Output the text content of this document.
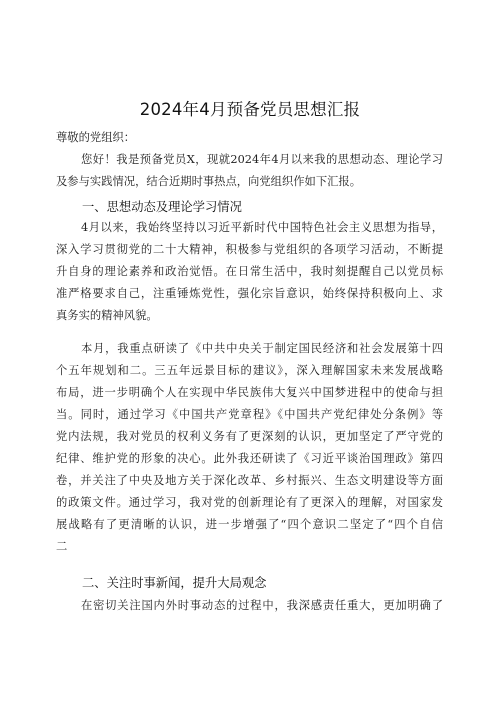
2024年4月预备党员思想汇报
尊敬的党组织：
您好！我是预备党员X，现就2024年4月以来我的思想动态、理论学习
及参与实践情况，结合近期时事热点，向党组织作如下汇报。
一、思想动态及理论学习情况
4月以来，我始终坚持以习近平新时代中国特色社会主义思想为指导，
深入学习贯彻党的二十大精神，积极参与党组织的各项学习活动，不断提
升自身的理论素养和政治觉悟。在日常生活中，我时刻提醒自己以党员标
准严格要求自己，注重锤炼党性，强化宗旨意识，始终保持积极向上、求
真务实的精神风貌。
本月，我重点研读了《中共中央关于制定国民经济和社会发展第十四
个五年规划和二。三五年远景目标的建议》，深入理解国家未来发展战略
布局，进一步明确个人在实现中华民族伟大复兴中国梦进程中的使命与担
当。同时，通过学习《中国共产党章程》《中国共产党纪律处分条例》等
党内法规，我对党员的权利义务有了更深刻的认识，更加坚定了严守党的
纪律、维护党的形象的决心。此外我还研读了《习近平谈治国理政》第四
卷，并关注了中央及地方关于深化改革、乡村振兴、生态文明建设等方面
的政策文件。通过学习，我对党的创新理论有了更深入的理解，对国家发
展战略有了更清晰的认识，进一步增强了“四个意识二坚定了“四个自信
二
二、关注时事新闻，提升大局观念
在密切关注国内外时事动态的过程中，我深感责任重大，更加明确了
